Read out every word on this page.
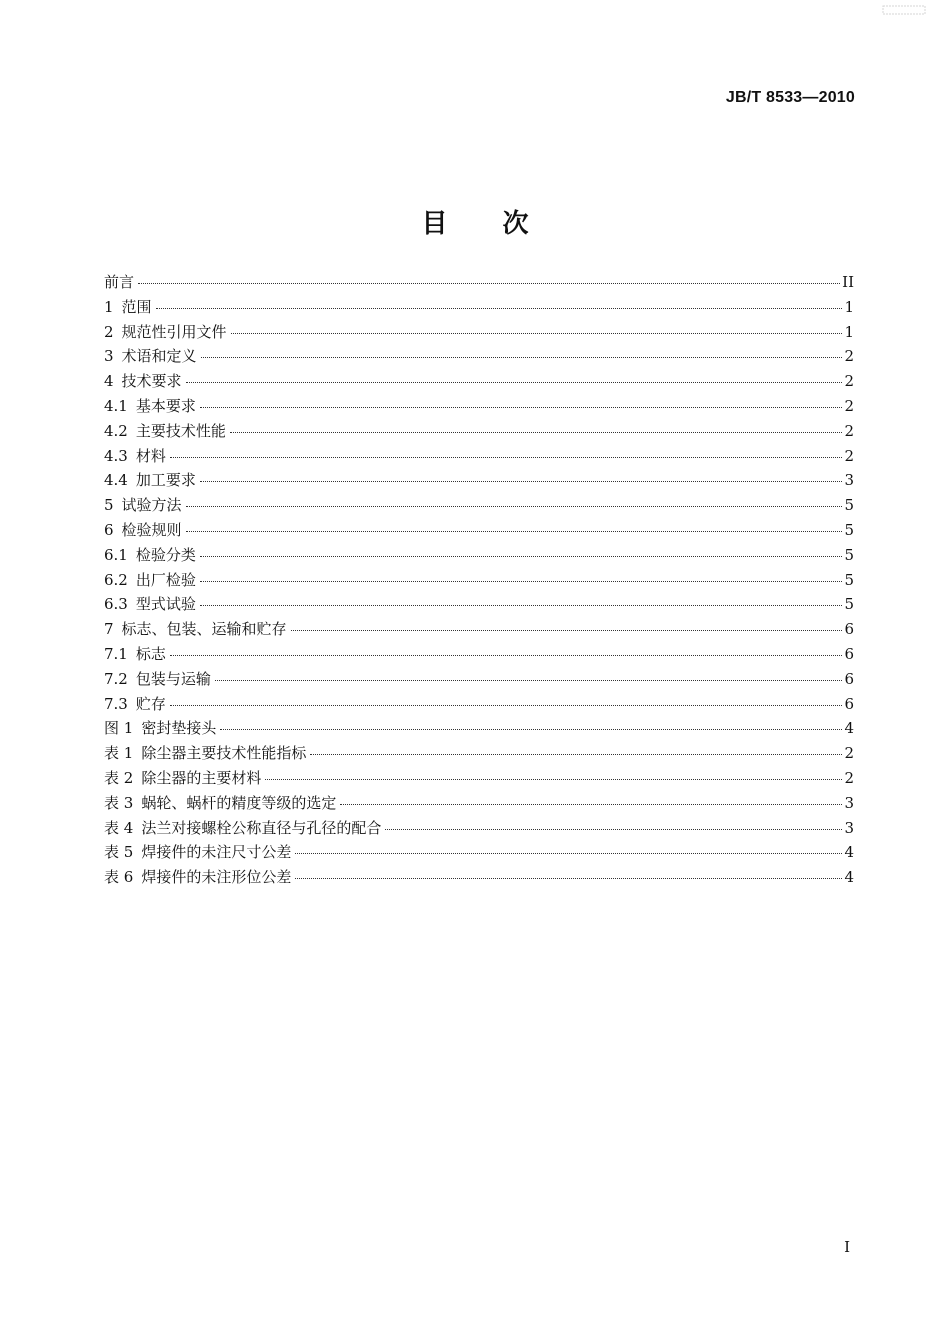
JB/T 8533—2010
目 次
前言	II
1 范围	1
2 规范性引用文件	1
3 术语和定义	2
4 技术要求	2
4.1 基本要求	2
4.2 主要技术性能	2
4.3 材料	2
4.4 加工要求	3
5 试验方法	5
6 检验规则	5
6.1 检验分类	5
6.2 出厂检验	5
6.3 型式试验	5
7 标志、包装、运输和贮存	6
7.1 标志	6
7.2 包装与运输	6
7.3 贮存	6
图 1 密封垫接头	4
表 1 除尘器主要技术性能指标	2
表 2 除尘器的主要材料	2
表 3 蜗轮、蜗杆的精度等级的选定	3
表 4 法兰对接螺栓公称直径与孔径的配合	3
表 5 焊接件的未注尺寸公差	4
表 6 焊接件的未注形位公差	4
I
